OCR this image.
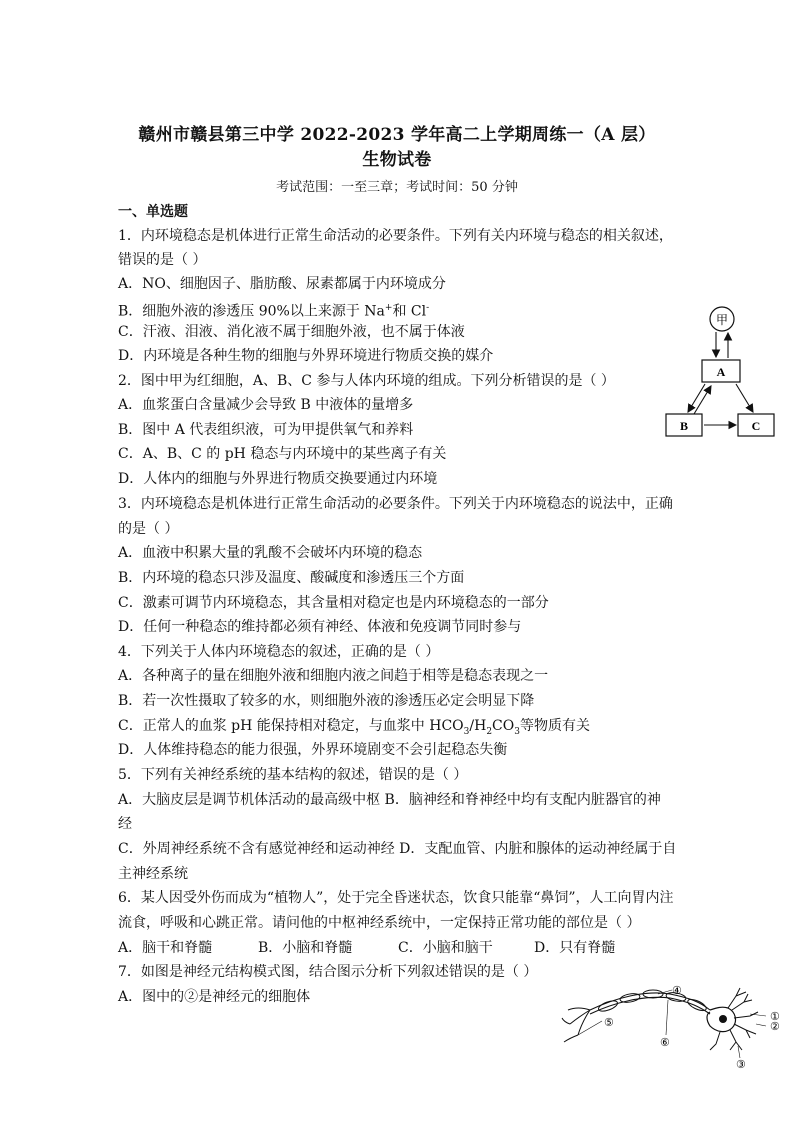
赣州市赣县第三中学 2022-2023 学年高二上学期周练一（A 层）
生物试卷
考试范围：一至三章；考试时间：50 分钟
一、单选题
1．内环境稳态是机体进行正常生命活动的必要条件。下列有关内环境与稳态的相关叙述，
错误的是（ ）
A．NO、细胞因子、脂肪酸、尿素都属于内环境成分
B．细胞外液的渗透压 90%以上来源于 Na+和 Cl-
C．汗液、泪液、消化液不属于细胞外液，也不属于体液
D．内环境是各种生物的细胞与外界环境进行物质交换的媒介
2．图中甲为红细胞，A、B、C 参与人体内环境的组成。下列分析错误的是（ ）
A．血浆蛋白含量减少会导致 B 中液体的量增多
B．图中 A 代表组织液，可为甲提供氧气和养料
C．A、B、C 的 pH 稳态与内环境中的某些离子有关
D．人体内的细胞与外界进行物质交换要通过内环境
甲
A
B	C
3．内环境稳态是机体进行正常生命活动的必要条件。下列关于内环境稳态的说法中，正确
的是（ ）
A．血液中积累大量的乳酸不会破坏内环境的稳态
B．内环境的稳态只涉及温度、酸碱度和渗透压三个方面
C．激素可调节内环境稳态，其含量相对稳定也是内环境稳态的一部分
D．任何一种稳态的维持都必须有神经、体液和免疫调节同时参与
4．下列关于人体内环境稳态的叙述，正确的是（ ）
A．各种离子的量在细胞外液和细胞内液之间趋于相等是稳态表现之一
B．若一次性摄取了较多的水，则细胞外液的渗透压必定会明显下降
C．正常人的血浆 pH 能保持相对稳定，与血浆中 $HCO_3/H_2CO_3$等物质有关
D．人体维持稳态的能力很强，外界环境剧变不会引起稳态失衡
5．下列有关神经系统的基本结构的叙述，错误的是（ ）
A．大脑皮层是调节机体活动的最高级中枢 B．脑神经和脊神经中均有支配内脏器官的神
经
C．外周神经系统不含有感觉神经和运动神经 D．支配血管、内脏和腺体的运动神经属于自
主神经系统
6．某人因受外伤而成为“植物人”，处于完全昏迷状态，饮食只能靠“鼻饲”，人工向胃内注
流食，呼吸和心跳正常。请问他的中枢神经系统中，一定保持正常功能的部位是（ ）
A．脑干和脊髓	B．小脑和脊髓	C．小脑和脑干	D．只有脊髓
7．如图是神经元结构模式图，结合图示分析下列叙述错误的是（ ）
A．图中的②是神经元的细胞体
①
②
③
④
⑤
⑥
